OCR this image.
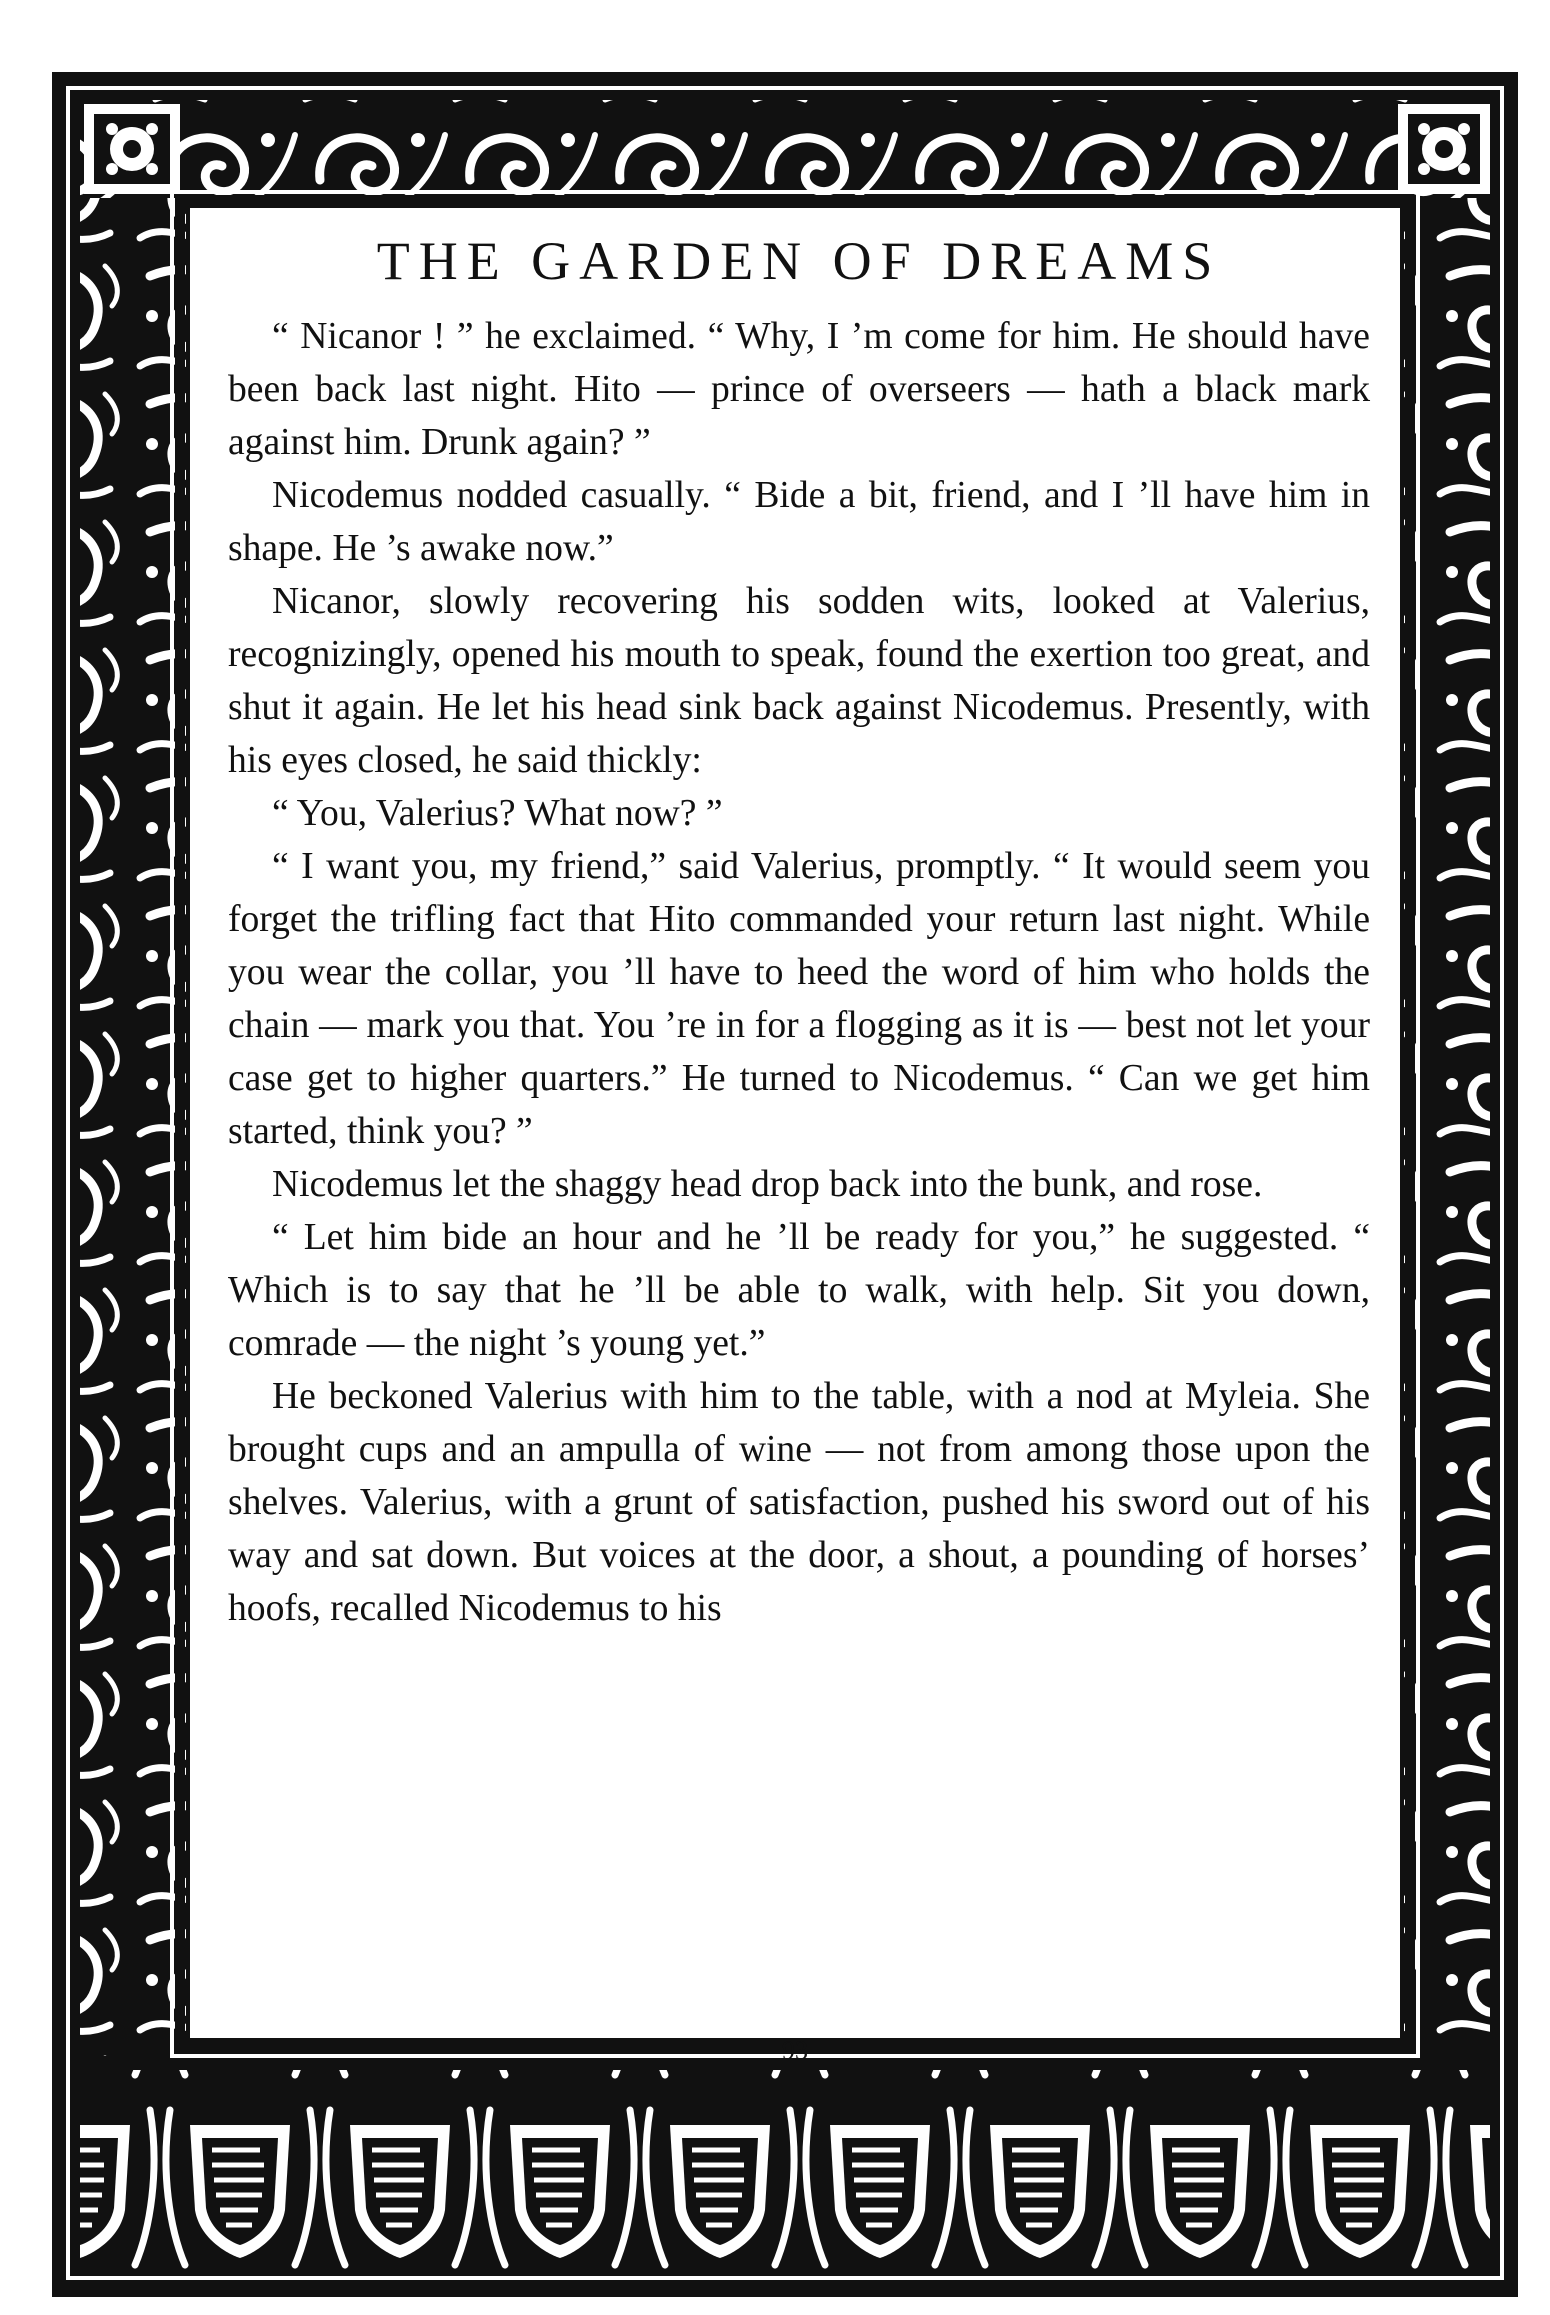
THE GARDEN OF DREAMS

“ Nicanor ! ” he exclaimed. “ Why, I ’m come for him. He should have been back last night. Hito — prince of overseers — hath a black mark against him. Drunk again? ”

Nicodemus nodded casually. “ Bide a bit, friend, and I ’ll have him in shape. He ’s awake now.”

Nicanor, slowly recovering his sodden wits, looked at Valerius, recognizingly, opened his mouth to speak, found the exertion too great, and shut it again. He let his head sink back against Nicodemus. Presently, with his eyes closed, he said thickly:

“ You, Valerius? What now? ”

“ I want you, my friend,” said Valerius, promptly. “ It would seem you forget the trifling fact that Hito commanded your return last night. While you wear the collar, you ’ll have to heed the word of him who holds the chain — mark you that. You ’re in for a flogging as it is — best not let your case get to higher quarters.” He turned to Nicodemus. “ Can we get him started, think you? ”

Nicodemus let the shaggy head drop back into the bunk, and rose.

“ Let him bide an hour and he ’ll be ready for you,” he suggested. “ Which is to say that he ’ll be able to walk, with help. Sit you down, comrade — the night ’s young yet.”

He beckoned Valerius with him to the table, with a nod at Myleia. She brought cups and an ampulla of wine — not from among those upon the shelves. Valerius, with a grunt of satisfaction, pushed his sword out of his way and sat down. But voices at the door, a shout, a pounding of horses’ hoofs, recalled Nicodemus to his

93
